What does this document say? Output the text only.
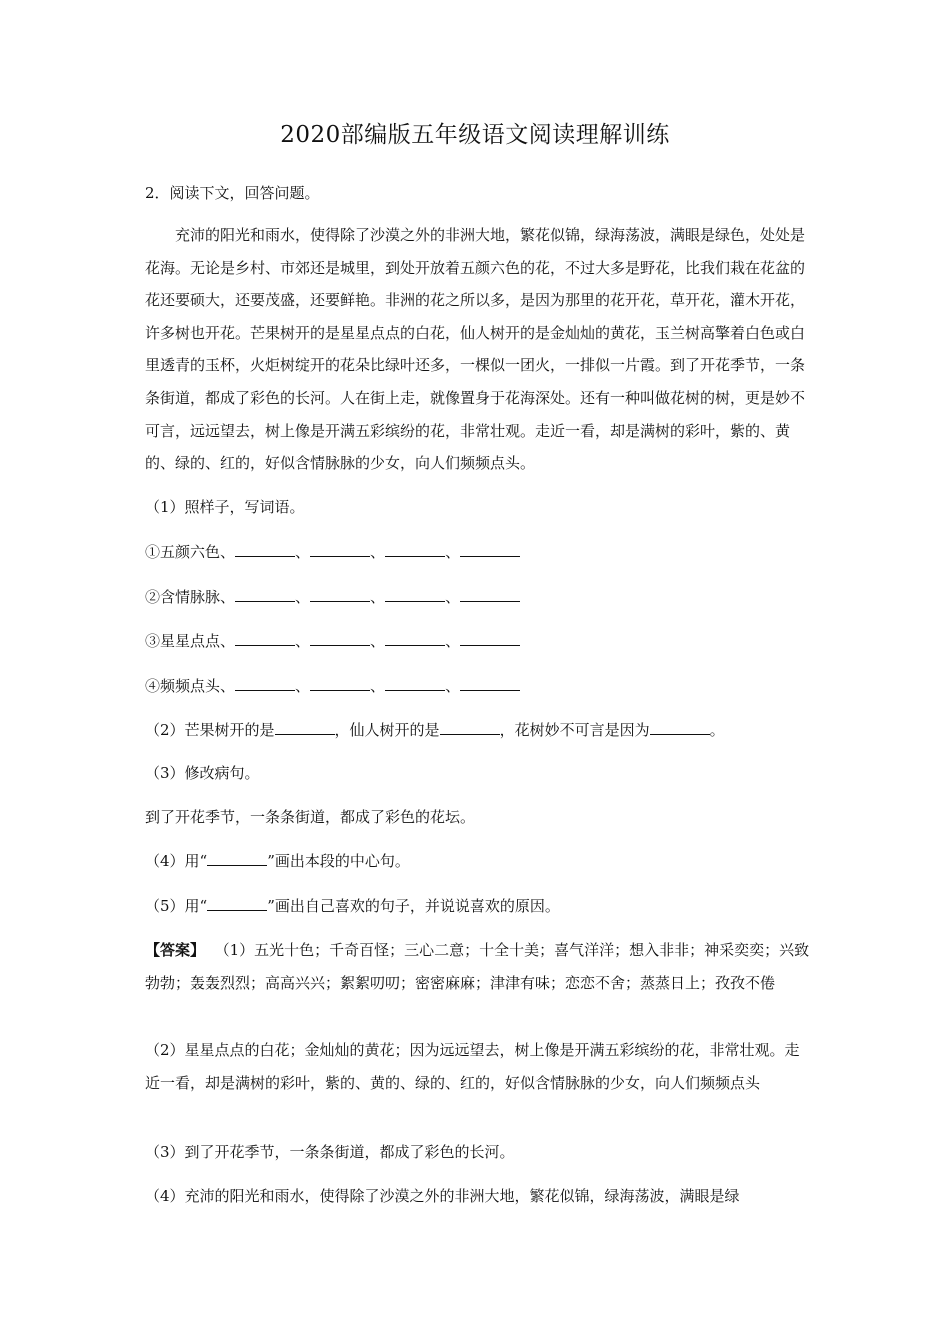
2020部编版五年级语文阅读理解训练
2．阅读下文，回答问题。

充沛的阳光和雨水，使得除了沙漠之外的非洲大地，繁花似锦，绿海荡波，满眼是绿色，处处是花海。无论是乡村、市郊还是城里，到处开放着五颜六色的花，不过大多是野花，比我们栽在花盆的花还要硕大，还要茂盛，还要鲜艳。非洲的花之所以多，是因为那里的花开花，草开花，灌木开花，许多树也开花。芒果树开的是星星点点的白花，仙人树开的是金灿灿的黄花，玉兰树高擎着白色或白里透青的玉杯，火炬树绽开的花朵比绿叶还多，一棵似一团火，一排似一片霞。到了开花季节，一条条街道，都成了彩色的长河。人在街上走，就像置身于花海深处。还有一种叫做花树的树，更是妙不可言，远远望去，树上像是开满五彩缤纷的花，非常壮观。走近一看，却是满树的彩叶，紫的、黄的、绿的、红的，好似含情脉脉的少女，向人们频频点头。

（1）照样子，写词语。
①五颜六色、	、	、	、
②含情脉脉、	、	、	、
③星星点点、	、	、	、
④频频点头、	、	、	、
（2）芒果树开的是	，仙人树开的是	，花树妙不可言是因为	。
（3）修改病句。
到了开花季节，一条条街道，都成了彩色的花坛。
（4）用“	”画出本段的中心句。
（5）用“	”画出自己喜欢的句子，并说说喜欢的原因。

【答案】 （1）五光十色；千奇百怪；三心二意；十全十美；喜气洋洋；想入非非；神采奕奕；兴致勃勃；轰轰烈烈；高高兴兴；絮絮叨叨；密密麻麻；津津有味；恋恋不舍；蒸蒸日上；孜孜不倦

（2）星星点点的白花；金灿灿的黄花；因为远远望去，树上像是开满五彩缤纷的花，非常壮观。走近一看，却是满树的彩叶，紫的、黄的、绿的、红的，好似含情脉脉的少女，向人们频频点头

（3）到了开花季节，一条条街道，都成了彩色的长河。
（4）充沛的阳光和雨水，使得除了沙漠之外的非洲大地，繁花似锦，绿海荡波，满眼是绿
